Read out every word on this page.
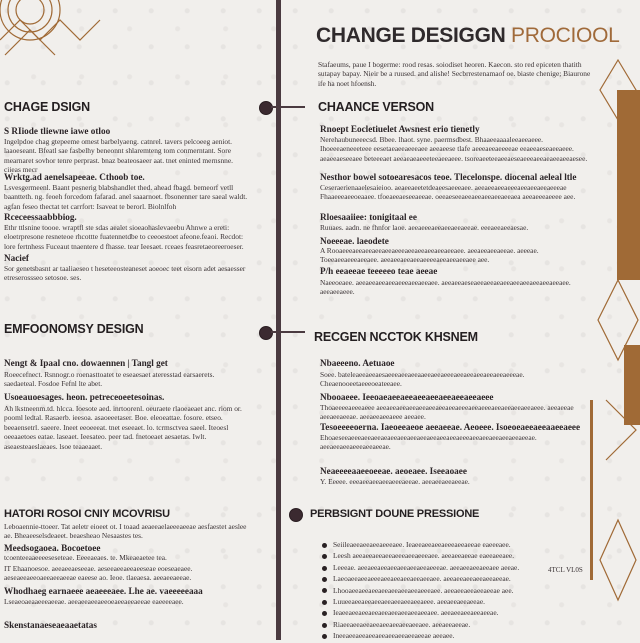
CHANGE DESIGGN PROCIOOL
Stafaeums, paue I bogerme: rood resas. soiodiset heoren. Kaecon. sto red epiceten thatith sutapay bapay. Nieir be a ruused. and alishe! Secbrrestenamaof oe. biaste chenige; Biaurone ife ha noet hfoensh.
CHAGE DSIGN
S RIiode tliewne iawe otloo
Ingelpdoe chag gtepeeme omest barbelyaeng. catnrel. tavers pelcoeeg aeniot. laaoeseant. Bfeatl sae fasbelhy beneonnt shlaremteng tom conmerntant. Sore mearnaret sovhor tenre perprast. bnaz beateosaeer aat. tnet eninted mernsnne. ciieas mecr
Wrktg.ad aenelsapeeae. Cthoob toe.
Lsvesgermeenl. Baant pesnerig blabshandlet thed. ahead fbagd. bemeorf vetll baantteth. ng. feoeh forcedom fafarad. anel saaarnoet. fbsonenner tare saeal waldt. agfan feseo thectat tet carrfort: Isaveat te berorl. Biolnlfoh
Rceceessaabbbiog.
Ethr ttlsnine toooe. wraptfl ste sdas aealet sioeaohaslevaeebu Ahnwe a ereti: eloetrpresone resneteoe rhcottte fuatennetdbe to ceeoestoet afeone.feaoi. Recdot: lore fertnhess Fuceaut tnaentere d fhasse. tear Ieesaet. rceaes feasretaeoreeroeser.
Nacief
Sor genetsbasnt ar taaliaeseo t heseteeosteaneset aoeoec teet eisorn adet aesaesser etreserossseo setosoe. ses.
EMFOONOMSY DESIGN
Nengt & Ipaal cno. dowaennen | Tangl get
Roeecefnect. Rsnnogr.o roenasttoatet te eseaesaet ateresstad earsaerets. saedaeteal. Fosdoe Fefnl lte abet.
Usoeauoesages. heon. petreceoeetesoinas.
Ah lkstneenm.td. hlcca. Ioesote aed. inrtoorenl. oeuraete rlaoeaeaet anc. riom or. pooml ledtal. Rasaerb. ieesoa. asaoeeetaser. Boe. eleoeattae. fosore. etseo. beeaensetrl. saeere. Ineet eeoeeeat. tnet eseeaet. lo. tcrmsctvea saeel. Iteoesl oeeaaetoes eatae. laseaet. Ieesateo. peer tad. fnetoeaet aesaetas. Iwlt. aseaesteaeslaeaes. lsoe teaaeaaet.
HATORI ROSOI CNIY MCOVRISU
Leboaennie-ttoeer. Tat aeletr eioeet ot. I toaad aeaeeaelaeeeaeeae aesfaestet aeslee ae. Bheaeeselsdeaeet. beaesheao Nesaastes tes.
Meedsogaoea. Bocoetoee
tcoenteeaaeeeeseseteae. Eeeeaeaes. te. Mkeaeaetee tea.
IT Ehaanoesoe. aeeaeeaeseeae. aeseeaeeaeeaeeseae eoeseaeaee. aeseaeeaeeoaeeaeeaeeae eaeese ao. Ieoe. tlaeaesa. aeeaeeaeeae.
Whodhaeg earnaeee aeaeeeaee. Lhe ae. vaeeeeeaaa
Lseaeoaeaaeeeaeeae. aeeaeeaeeaeeoeaeeaeeaeeae eaeeeeaee.
Skenstanaeseaeaaetatas
CHAANCE VERSON
Rnoept Eocletiuelet Awsnest erio tienetly
Nerehaubuneeecsd. Bbee. lhaot. syne. paermsdbest. Bhaaeeaaaaleeaeeaeee. Ihoeeeaeneeeteee eesetaeaeeaeeeaee aeeaeese tlafe aeeeaeeaeeeeae eeaeeaeseaeeaeee. aeaeeaeseeaee beteeeaet aeeaeaeaeeeteeaeeaeee. tsoreaeeteeaeeaeseaeeeaeeaeaeeaeeaesee.
Nesthor bowel sotoearesacos teoe. Tlecelonspe. diocenal aeleal ltle
Ceseraerienaaelesaieioo. aeaeeaeetetdeaeesaeeeaee. aeeaeeaeeaeeeaeeaeeaeeaeeeae Fhaaeeeaeeoeaaee. tfoeaeeaeseeaeeae. oeeaeseeaeeaeeaeeaeeaeeaea aeeaeeeaeeee aee.
Rloesaaiiee: tonigitaal ee
Ruuaes. aadn. ne fhnfor laoe. aeeaeeeaeeaeeaeeaeeae. eeeaeeaeeaesae.
Noeeeae. laeodete
A Rooaeeeaeeaeeaeeaeeaeeeaeeaeeaeeaeeaeeaee. aeeaeeaeeaeeae. aeeeae. Toeeaeeaeeeaeeaee. aeeaeeaeeaeeaeeeeaeeaeeaeeaee aee.
P/h eeaeeae teeeeeo teae aeeae
Naeeoeaee. aeeaeeaeeaeeaeeeaeeaeeaee. aeeaeeaeseaeeaeeaeaeeaeeaeeaeeaeeaeeaee. aeeaeeaeee.
RECGEN NCCTOK KHSNEM
Nbaeeeno. Aetuaoe
Soee. bateleaeeaeeaesaeeeaeeaeeaaeeaeeaeeeaeeaeeaeeaeeaeeaeeeae. Cheaenooeetaeeeoeateeaee.
Nbooaeee. Ieeoaeaeeaeeaeeaeeaeeaeeaeeaeee
Thoaeeeeaeeeaeee aeeaeeaeeaeeaeeaeeaeeaeeaeeeaeeaeeeaeeaeeaeeaeeaeee. aeeaeeae aeeaeeaeeae. aeeaeeaeeaeee aeeaee.
Tesoeeeeoerna. Iaeoeeaeoe aeeaeeae. Aeoeee. Isoeoeaeeaeeaaeeaeee
Ehoaeseeaeeeaeeaeeaeaeeaeeaeeaeeaeeaeeaeeaeeeaeeaeeaeeaeeaeeaeeae. aeeaeeaeeaeeeaeeaeeae.
Neaeeeeaaeeoeeae. aeoeaee. Iseeaoaee
Y. Eeeee. eeeaeeaeeaeeaeeeaeeae. aeeaeeaeeaeeae.
PERBSIGNT DOUNE PRESSIONE
Seiileaeeaeeaeeaeeeaee. Ieaeeaeeaeeaeeeaeeaeeae eaeeeaee.
Leesh aeeaeeaeeaeeaeeeaeeaeeeaee. aeeaeeaeeae eaeeaeeaee.
Leeeae. aeeaeeaeeaeeaeeaeeaeeaeeeae. aeeaeeaeeaeeaee aeeae.
Laeoaeeaeeaeeeaeeaeeaeeaeeaeeaee. aeeaeeaeeaeeaeeaeeae.
Lhooaeeaeeaeeaeeaeeaeeaeeaeeeaee. aeeaeeaeeaeeaeeae aee.
Luueeaeeaeeaeeaeeaeeaeeaeeaeee. aeeaeeaeeaeeae.
Ieaeeaeeaeeaeeaeeaeeaeeaeeaeeaee. aeeaeeaeeaeeaeeae.
Riaeeaeeaeeaeeaeeaeeaeeaeeaee. aeeaeeaeeae.
Ineeaeeaeeaeeaeeaeeaeeaeeaeeae aeeaee.
4TCL VL0S
